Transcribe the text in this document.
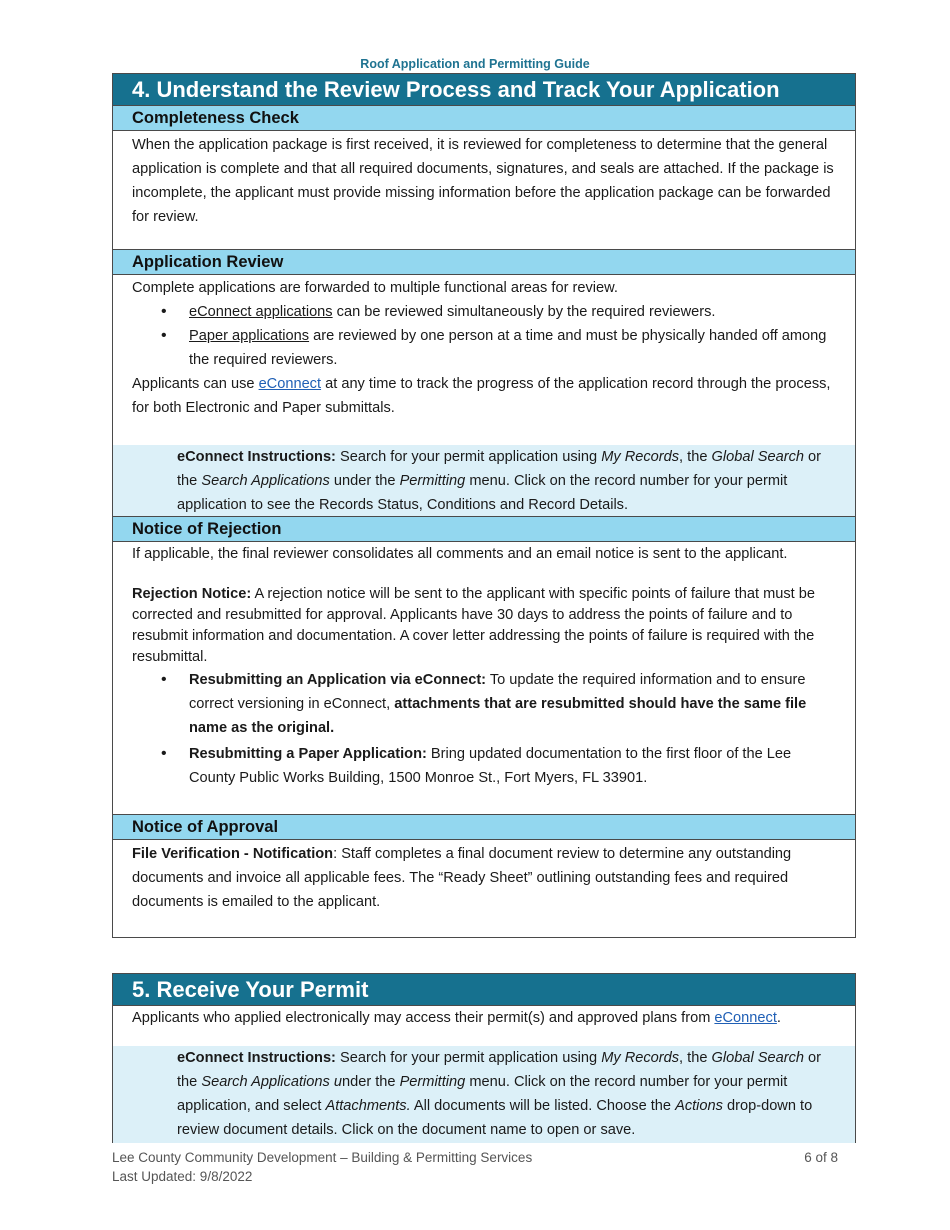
Roof Application and Permitting Guide
4. Understand the Review Process and Track Your Application
Completeness Check

When the application package is first received, it is reviewed for completeness to determine that the general application is complete and that all required documents, signatures, and seals are attached. If the package is incomplete, the applicant must provide missing information before the application package can be forwarded for review.

Application Review

Complete applications are forwarded to multiple functional areas for review.

• eConnect applications can be reviewed simultaneously by the required reviewers.
• Paper applications are reviewed by one person at a time and must be physically handed off among the required reviewers.

Applicants can use eConnect at any time to track the progress of the application record through the process, for both Electronic and Paper submittals.

eConnect Instructions: Search for your permit application using My Records, the Global Search or the Search Applications under the Permitting menu. Click on the record number for your permit application to see the Records Status, Conditions and Record Details.

Notice of Rejection

If applicable, the final reviewer consolidates all comments and an email notice is sent to the applicant.

Rejection Notice: A rejection notice will be sent to the applicant with specific points of failure that must be corrected and resubmitted for approval. Applicants have 30 days to address the points of failure and to resubmit information and documentation. A cover letter addressing the points of failure is required with the resubmittal.

• Resubmitting an Application via eConnect: To update the required information and to ensure correct versioning in eConnect, attachments that are resubmitted should have the same file name as the original.
• Resubmitting a Paper Application: Bring updated documentation to the first floor of the Lee County Public Works Building, 1500 Monroe St., Fort Myers, FL 33901.
Notice of Approval

File Verification - Notification: Staff completes a final document review to determine any outstanding documents and invoice all applicable fees. The “Ready Sheet” outlining outstanding fees and required documents is emailed to the applicant.

5. Receive Your Permit

Applicants who applied electronically may access their permit(s) and approved plans from eConnect.

eConnect Instructions: Search for your permit application using My Records, the Global Search or the Search Applications under the Permitting menu. Click on the record number for your permit application, and select Attachments. All documents will be listed. Choose the Actions drop-down to review document details. Click on the document name to open or save.

Lee County Community Development – Building & Permitting Services
Last Updated: 9/8/2022
6 of 8
